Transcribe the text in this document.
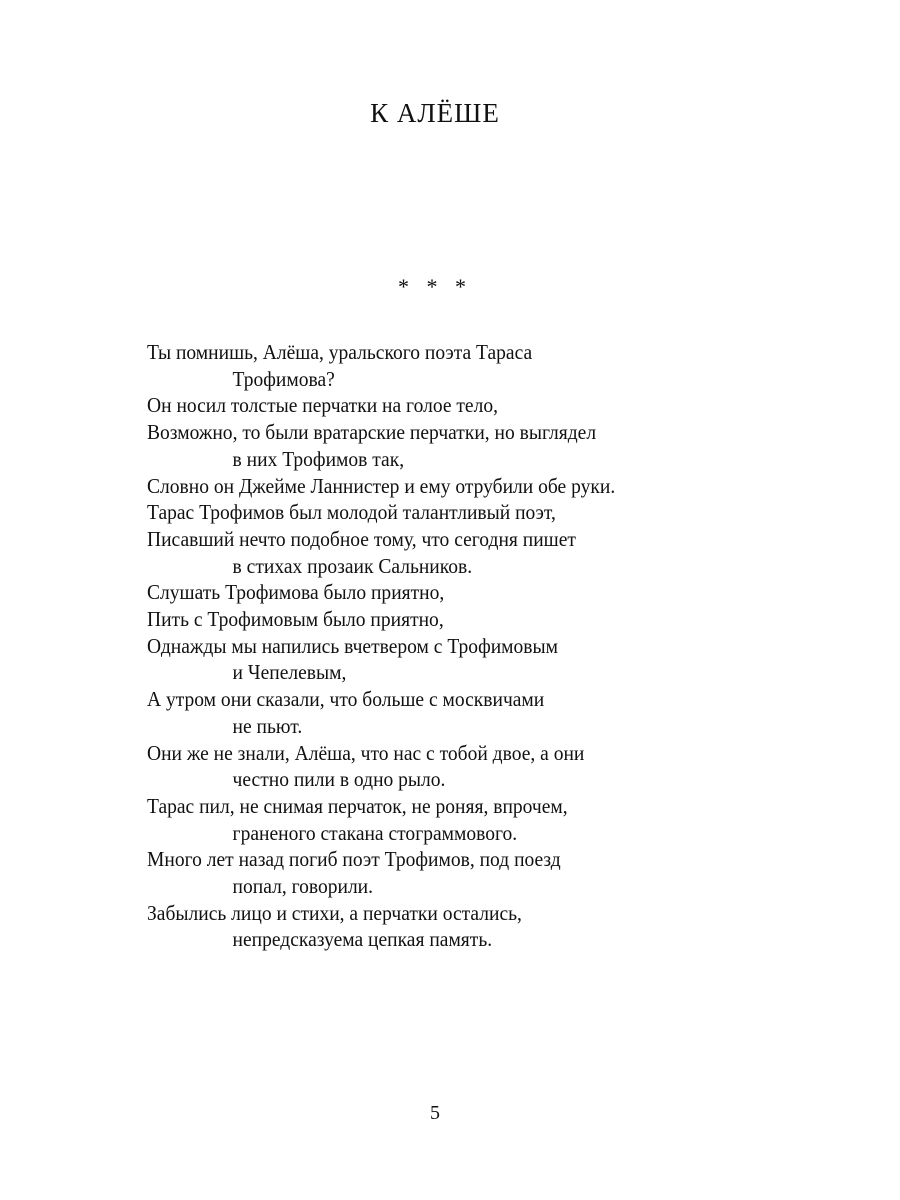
К АЛЁШЕ
* * *
Ты помнишь, Алёша, уральского поэта Тараса
Трофимова?
Он носил толстые перчатки на голое тело,
Возможно, то были вратарские перчатки, но выглядел
в них Трофимов так,
Словно он Джейме Ланнистер и ему отрубили обе руки.
Тарас Трофимов был молодой талантливый поэт,
Писавший нечто подобное тому, что сегодня пишет
в стихах прозаик Сальников.
Слушать Трофимова было приятно,
Пить с Трофимовым было приятно,
Однажды мы напились вчетвером с Трофимовым
и Чепелевым,
А утром они сказали, что больше с москвичами
не пьют.
Они же не знали, Алёша, что нас с тобой двое, а они
честно пили в одно рыло.
Тарас пил, не снимая перчаток, не роняя, впрочем,
граненого стакана стограммового.
Много лет назад погиб поэт Трофимов, под поезд
попал, говорили.
Забылись лицо и стихи, а перчатки остались,
непредсказуема цепкая память.
5
